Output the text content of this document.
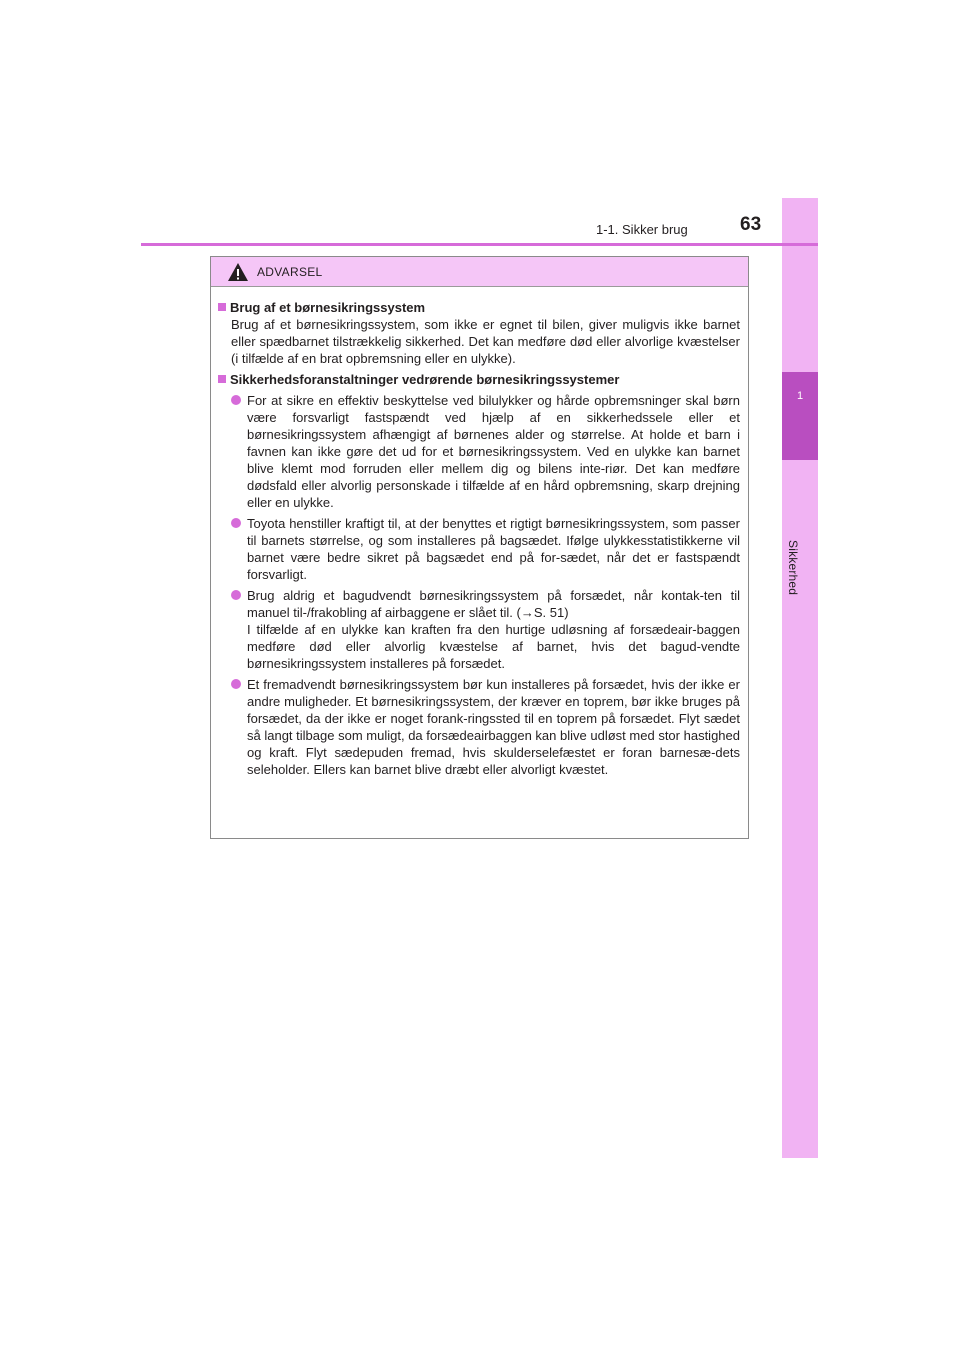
1
Sikkerhed
1-1. Sikker brug	63
ADVARSEL
Brug af et børnesikringssystem
Brug af et børnesikringssystem, som ikke er egnet til bilen, giver muligvis ikke barnet eller spædbarnet tilstrækkelig sikkerhed. Det kan medføre død eller alvorlige kvæstelser (i tilfælde af en brat opbremsning eller en ulykke).
Sikkerhedsforanstaltninger vedrørende børnesikringssystemer
For at sikre en effektiv beskyttelse ved bilulykker og hårde opbremsninger skal børn være forsvarligt fastspændt ved hjælp af en sikkerhedssele eller et børnesikringssystem afhængigt af børnenes alder og størrelse. At holde et barn i favnen kan ikke gøre det ud for et børnesikringssystem. Ved en ulykke kan barnet blive klemt mod forruden eller mellem dig og bilens inte-riør. Det kan medføre dødsfald eller alvorlig personskade i tilfælde af en hård opbremsning, skarp drejning eller en ulykke.
Toyota henstiller kraftigt til, at der benyttes et rigtigt børnesikringssystem, som passer til barnets størrelse, og som installeres på bagsædet. Ifølge ulykkesstatistikkerne vil barnet være bedre sikret på bagsædet end på for-sædet, når det er fastspændt forsvarligt.
Brug aldrig et bagudvendt børnesikringssystem på forsædet, når kontak-ten til manuel til-/frakobling af airbaggene er slået til. (→S. 51)
I tilfælde af en ulykke kan kraften fra den hurtige udløsning af forsædeair-baggen medføre død eller alvorlig kvæstelse af barnet, hvis det bagud-vendte børnesikringssystem installeres på forsædet.
Et fremadvendt børnesikringssystem bør kun installeres på forsædet, hvis der ikke er andre muligheder. Et børnesikringssystem, der kræver en toprem, bør ikke bruges på forsædet, da der ikke er noget forank-ringssted til en toprem på forsædet. Flyt sædet så langt tilbage som muligt, da forsædeairbaggen kan blive udløst med stor hastighed og kraft. Flyt sædepuden fremad, hvis skulderselefæstet er foran barnesæ-dets seleholder. Ellers kan barnet blive dræbt eller alvorligt kvæstet.
